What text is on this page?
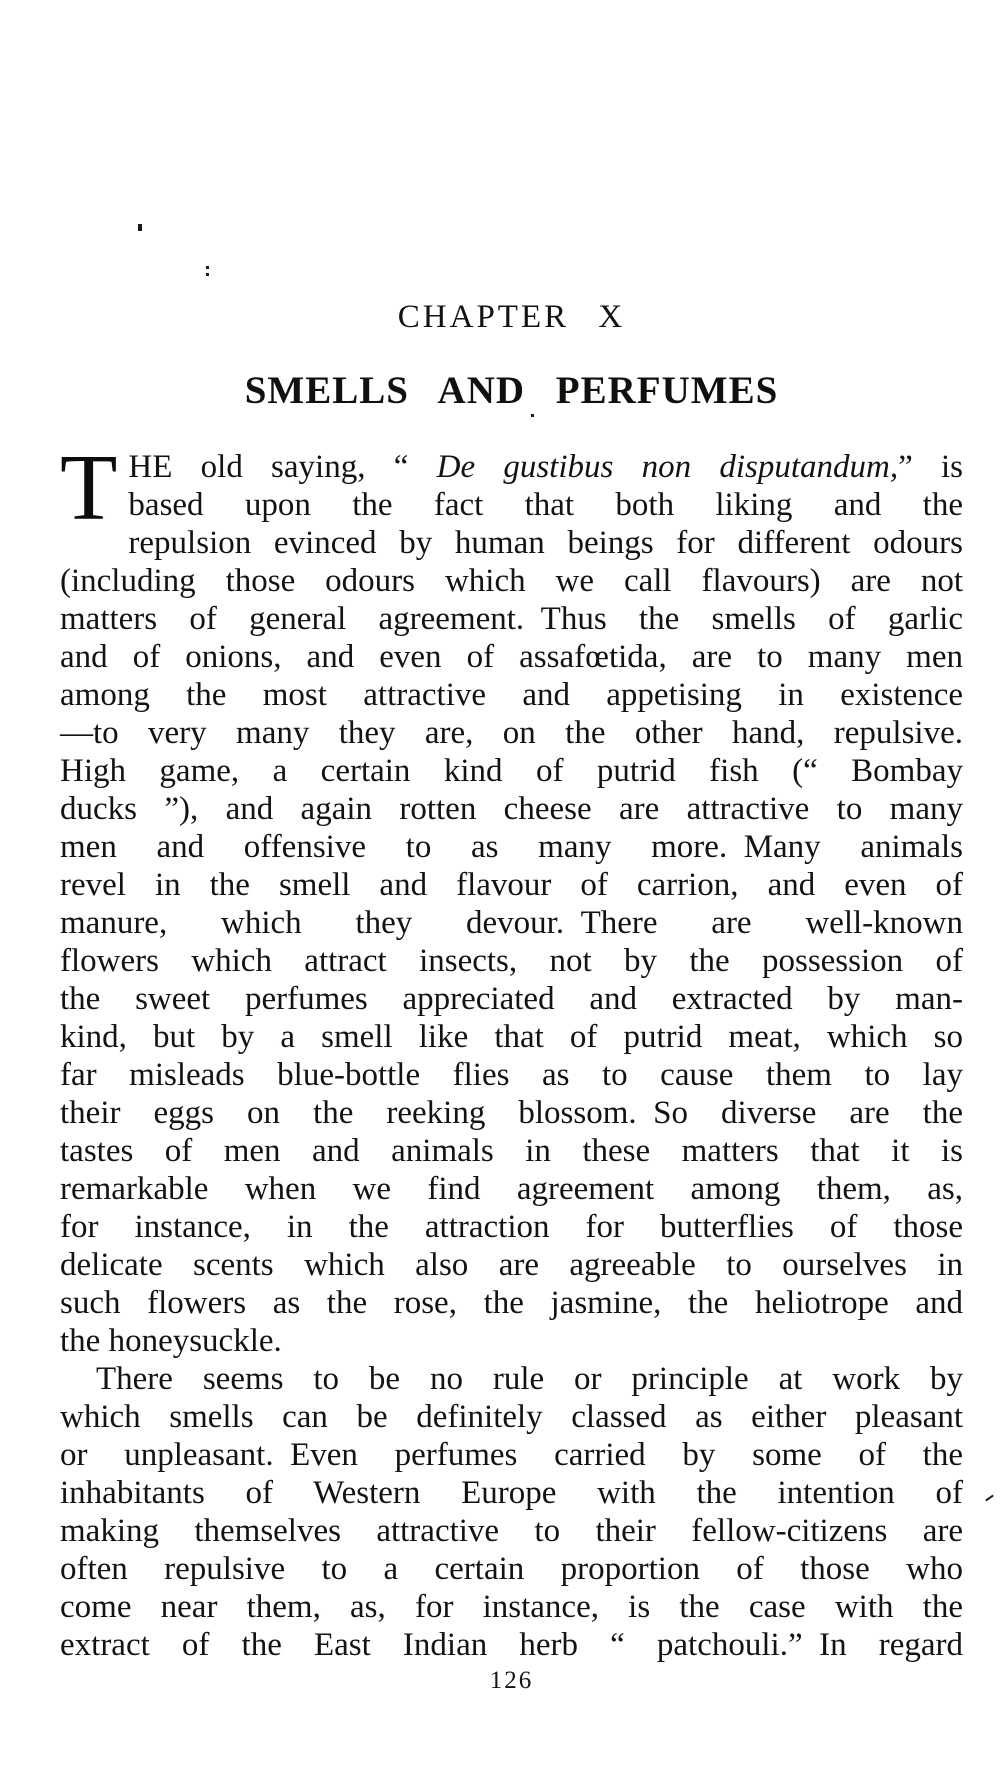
CHAPTER X
SMELLS AND PERFUMES
T HE old saying, “ De gustibus non disputandum,” is
based upon the fact that both liking and the
repulsion evinced by human beings for different odours
(including those odours which we call flavours) are not
matters of general agreement. Thus the smells of garlic
and of onions, and even of assafœtida, are to many men
among the most attractive and appetising in existence
—to very many they are, on the other hand, repulsive.
High game, a certain kind of putrid fish (“ Bombay
ducks ”), and again rotten cheese are attractive to many
men and offensive to as many more. Many animals
revel in the smell and flavour of carrion, and even of
manure, which they devour. There are well-known
flowers which attract insects, not by the possession of
the sweet perfumes appreciated and extracted by man-
kind, but by a smell like that of putrid meat, which so
far misleads blue-bottle flies as to cause them to lay
their eggs on the reeking blossom. So diverse are the
tastes of men and animals in these matters that it is
remarkable when we find agreement among them, as,
for instance, in the attraction for butterflies of those
delicate scents which also are agreeable to ourselves in
such flowers as the rose, the jasmine, the heliotrope and
the honeysuckle.
There seems to be no rule or principle at work by
which smells can be definitely classed as either pleasant
or unpleasant. Even perfumes carried by some of the
inhabitants of Western Europe with the intention of
making themselves attractive to their fellow-citizens are
often repulsive to a certain proportion of those who
come near them, as, for instance, is the case with the
extract of the East Indian herb “ patchouli.” In regard
126
